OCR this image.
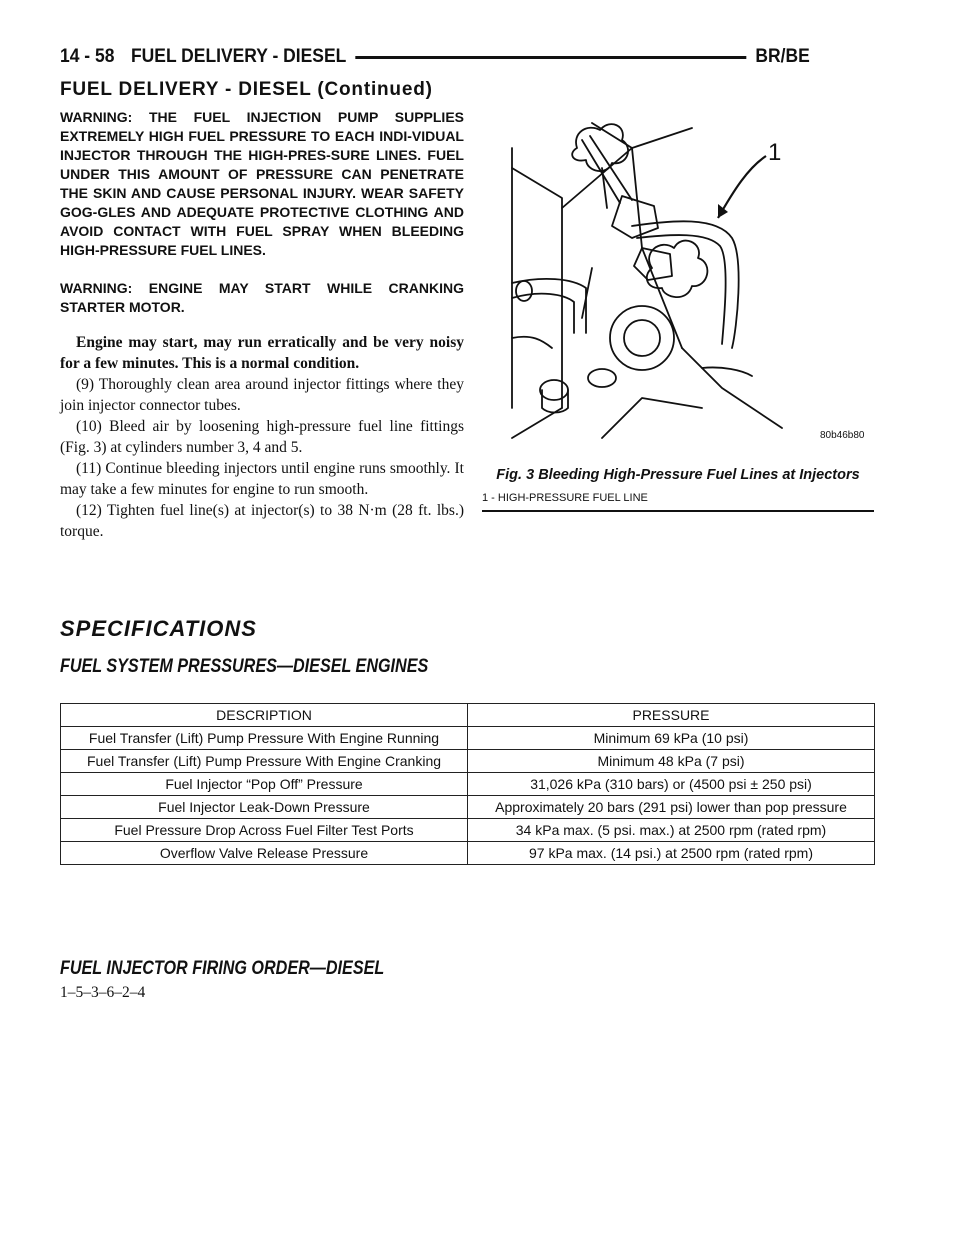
14 - 58 FUEL DELIVERY - DIESEL	BR/BE
FUEL DELIVERY - DIESEL (Continued)

WARNING: THE FUEL INJECTION PUMP SUPPLIES EXTREMELY HIGH FUEL PRESSURE TO EACH INDI-VIDUAL INJECTOR THROUGH THE HIGH-PRES-SURE LINES. FUEL UNDER THIS AMOUNT OF PRESSURE CAN PENETRATE THE SKIN AND CAUSE PERSONAL INJURY. WEAR SAFETY GOG-GLES AND ADEQUATE PROTECTIVE CLOTHING AND AVOID CONTACT WITH FUEL SPRAY WHEN BLEEDING HIGH-PRESSURE FUEL LINES.

WARNING: ENGINE MAY START WHILE CRANKING STARTER MOTOR.

Engine may start, may run erratically and be very noisy for a few minutes. This is a normal condition.

(9) Thoroughly clean area around injector fittings where they join injector connector tubes.

(10) Bleed air by loosening high-pressure fuel line fittings (Fig. 3) at cylinders number 3, 4 and 5.

(11) Continue bleeding injectors until engine runs smoothly. It may take a few minutes for engine to run smooth.

(12) Tighten fuel line(s) at injector(s) to 38 N·m (28 ft. lbs.) torque.

1
80b46b80
Fig. 3 Bleeding High-Pressure Fuel Lines at Injectors
1 - HIGH-PRESSURE FUEL LINE
SPECIFICATIONS
FUEL SYSTEM PRESSURES—DIESEL ENGINES
DESCRIPTION	PRESSURE
Fuel Transfer (Lift) Pump Pressure With Engine Running	Minimum 69 kPa (10 psi)
Fuel Transfer (Lift) Pump Pressure With Engine Cranking	Minimum 48 kPa (7 psi)
Fuel Injector “Pop Off” Pressure	31,026 kPa (310 bars) or (4500 psi ± 250 psi)
Fuel Injector Leak-Down Pressure	Approximately 20 bars (291 psi) lower than pop pressure
Fuel Pressure Drop Across Fuel Filter Test Ports	34 kPa max. (5 psi. max.) at 2500 rpm (rated rpm)
Overflow Valve Release Pressure	97 kPa max. (14 psi.) at 2500 rpm (rated rpm)
FUEL INJECTOR FIRING ORDER—DIESEL
1–5–3–6–2–4
